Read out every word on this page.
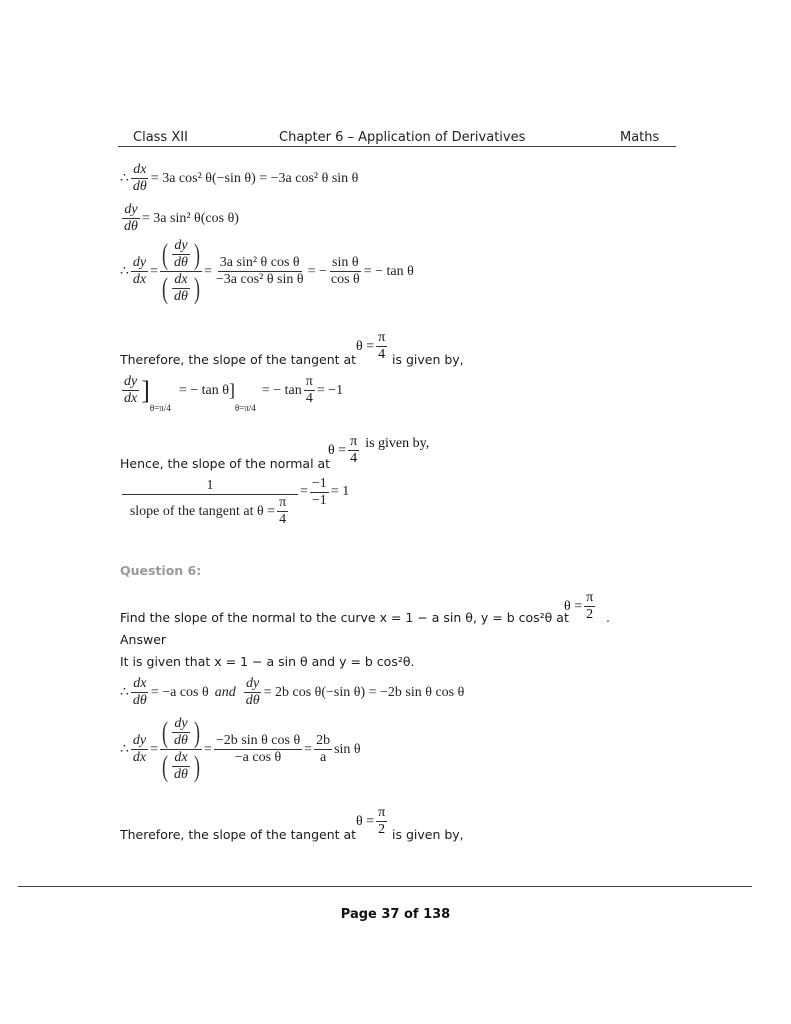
Class XII	Chapter 6 – Application of Derivatives	Maths
∴ $\frac{dx}{d\theta} = 3a$ cos² θ(−sin θ) = −3a cos² θ sin θ
$\frac{dy}{d\theta} = 3a$ sin² θ(cos θ)
∴ $\frac{dy}{dx} = \frac{( \frac{dy}{d\theta} )}{( \frac{dx}{d\theta} )} = \frac{\text{3a sin² θ cos θ}}{\text{−3a cos² θ sin θ}}$ = − $\frac{\text{sin θ}}{\text{cos θ}}$ = − tan θ
Therefore, the slope of the tangent at
$\theta = \frac{\pi}{4}$ is given by,
$\frac{dy}{dx}$ ]
θ=π/4
= − tan θ ]
θ=π/4
= − $\tan \frac{\pi}{4} = -1$
Hence, the slope of the normal at
$\theta = \frac{\pi}{4}$ is given by,
$\frac{1}{slope of the tangent at \theta = \frac{\pi}{4}} = \frac{-1}{-1} = 1$
Question 6:
Find the slope of the normal to the curve x = 1 − a sin θ, y = b cos²θ at
$\theta = \frac{\pi}{2}$ .
Answer
It is given that x = 1 − a sin θ and y = b cos²θ.
∴ $\frac{dx}{d\theta} = -a$ cos θ and $\frac{dy}{d\theta} = 2b$ cos θ(−sin θ) = −2b sin θ cos θ
∴ $\frac{dy}{dx} = \frac{( \frac{dy}{d\theta} )}{( \frac{dx}{d\theta} )} = \frac{\text{−2b sin θ cos θ}}{\text{−a cos θ}} = \frac{2b}{a}$ sin θ
Therefore, the slope of the tangent at
$\theta = \frac{\pi}{2}$ is given by,
Page 37 of 138
